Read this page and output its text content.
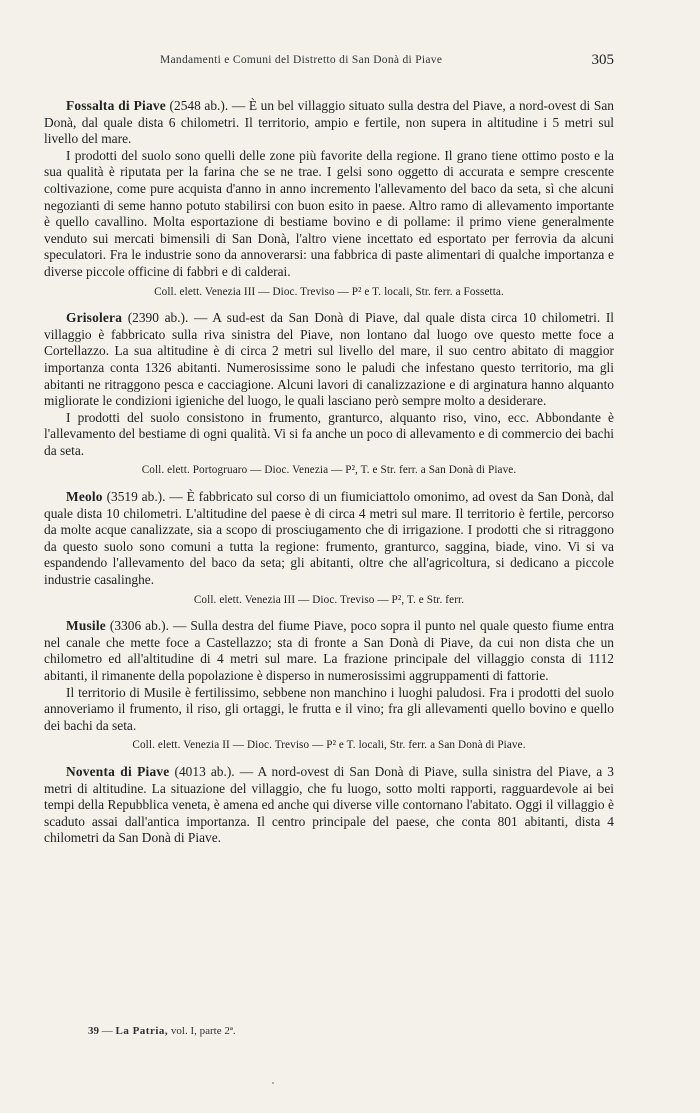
Mandamenti e Comuni del Distretto di San Donà di Piave	305

Fossalta di Piave (2548 ab.). — È un bel villaggio situato sulla destra del Piave, a nord-ovest di San Donà, dal quale dista 6 chilometri. Il territorio, ampio e fertile, non supera in altitudine i 5 metri sul livello del mare.

I prodotti del suolo sono quelli delle zone più favorite della regione. Il grano tiene ottimo posto e la sua qualità è riputata per la farina che se ne trae. I gelsi sono oggetto di accurata e sempre crescente coltivazione, come pure acquista d'anno in anno incremento l'allevamento del baco da seta, sì che alcuni negozianti di seme hanno potuto stabilirsi con buon esito in paese. Altro ramo di allevamento importante è quello cavallino. Molta esportazione di bestiame bovino e di pollame: il primo viene generalmente venduto sui mercati bimensili di San Donà, l'altro viene incettato ed esportato per ferrovia da alcuni speculatori. Fra le industrie sono da annoverarsi: una fabbrica di paste alimentari di qualche importanza e diverse piccole officine di fabbri e di calderai.

Coll. elett. Venezia III — Dioc. Treviso — P² e T. locali, Str. ferr. a Fossetta.

Grisolera (2390 ab.). — A sud-est da San Donà di Piave, dal quale dista circa 10 chilometri. Il villaggio è fabbricato sulla riva sinistra del Piave, non lontano dal luogo ove questo mette foce a Cortellazzo. La sua altitudine è di circa 2 metri sul livello del mare, il suo centro abitato di maggior importanza conta 1326 abitanti. Numerosissime sono le paludi che infestano questo territorio, ma gli abitanti ne ritraggono pesca e cacciagione. Alcuni lavori di canalizzazione e di arginatura hanno alquanto migliorate le condizioni igieniche del luogo, le quali lasciano però sempre molto a desiderare.

I prodotti del suolo consistono in frumento, granturco, alquanto riso, vino, ecc. Abbondante è l'allevamento del bestiame di ogni qualità. Vi si fa anche un poco di allevamento e di commercio dei bachi da seta.

Coll. elett. Portogruaro — Dioc. Venezia — P², T. e Str. ferr. a San Donà di Piave.

Meolo (3519 ab.). — È fabbricato sul corso di un fiumiciattolo omonimo, ad ovest da San Donà, dal quale dista 10 chilometri. L'altitudine del paese è di circa 4 metri sul mare. Il territorio è fertile, percorso da molte acque canalizzate, sia a scopo di prosciugamento che di irrigazione. I prodotti che si ritraggono da questo suolo sono comuni a tutta la regione: frumento, granturco, saggina, biade, vino. Vi si va espandendo l'allevamento del baco da seta; gli abitanti, oltre che all'agricoltura, si dedicano a piccole industrie casalinghe.

Coll. elett. Venezia III — Dioc. Treviso — P², T. e Str. ferr.

Musile (3306 ab.). — Sulla destra del fiume Piave, poco sopra il punto nel quale questo fiume entra nel canale che mette foce a Castellazzo; sta di fronte a San Donà di Piave, da cui non dista che un chilometro ed all'altitudine di 4 metri sul mare. La frazione principale del villaggio consta di 1112 abitanti, il rimanente della popolazione è disperso in numerosissimi aggruppamenti di fattorie.

Il territorio di Musile è fertilissimo, sebbene non manchino i luoghi paludosi. Fra i prodotti del suolo annoveriamo il frumento, il riso, gli ortaggi, le frutta e il vino; fra gli allevamenti quello bovino e quello dei bachi da seta.

Coll. elett. Venezia II — Dioc. Treviso — P² e T. locali, Str. ferr. a San Donà di Piave.

Noventa di Piave (4013 ab.). — A nord-ovest di San Donà di Piave, sulla sinistra del Piave, a 3 metri di altitudine. La situazione del villaggio, che fu luogo, sotto molti rapporti, ragguardevole ai bei tempi della Repubblica veneta, è amena ed anche qui diverse ville contornano l'abitato. Oggi il villaggio è scaduto assai dall'antica importanza. Il centro principale del paese, che conta 801 abitanti, dista 4 chilometri da San Donà di Piave.

39 — La Patria, vol. I, parte 2ª.
